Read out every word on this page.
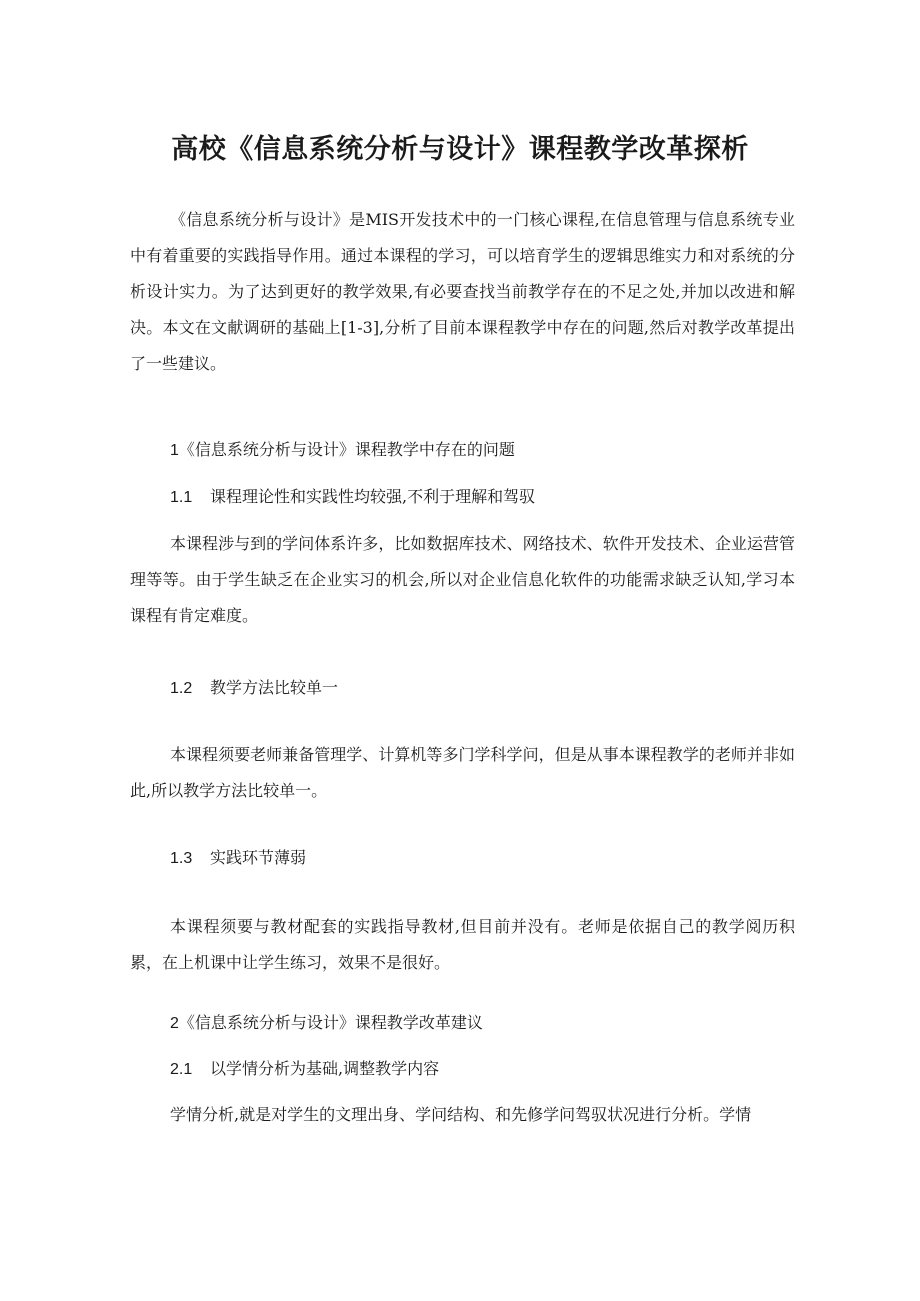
高校《信息系统分析与设计》课程教学改革探析

《信息系统分析与设计》是MIS开发技术中的一门核心课程,在信息管理与信息系统专业中有着重要的实践指导作用。通过本课程的学习，可以培育学生的逻辑思维实力和对系统的分析设计实力。为了达到更好的教学效果,有必要查找当前教学存在的不足之处,并加以改进和解决。本文在文献调研的基础上[1-3],分析了目前本课程教学中存在的问题,然后对教学改革提出了一些建议。

1《信息系统分析与设计》课程教学中存在的问题
1.1 课程理论性和实践性均较强,不利于理解和驾驭

本课程涉与到的学问体系许多，比如数据库技术、网络技术、软件开发技术、企业运营管理等等。由于学生缺乏在企业实习的机会,所以对企业信息化软件的功能需求缺乏认知,学习本课程有肯定难度。

1.2 教学方法比较单一

本课程须要老师兼备管理学、计算机等多门学科学问，但是从事本课程教学的老师并非如此,所以教学方法比较单一。

1.3 实践环节薄弱

本课程须要与教材配套的实践指导教材,但目前并没有。老师是依据自己的教学阅历积累，在上机课中让学生练习，效果不是很好。

2《信息系统分析与设计》课程教学改革建议
2.1 以学情分析为基础,调整教学内容

学情分析,就是对学生的文理出身、学问结构、和先修学问驾驭状况进行分析。学情
